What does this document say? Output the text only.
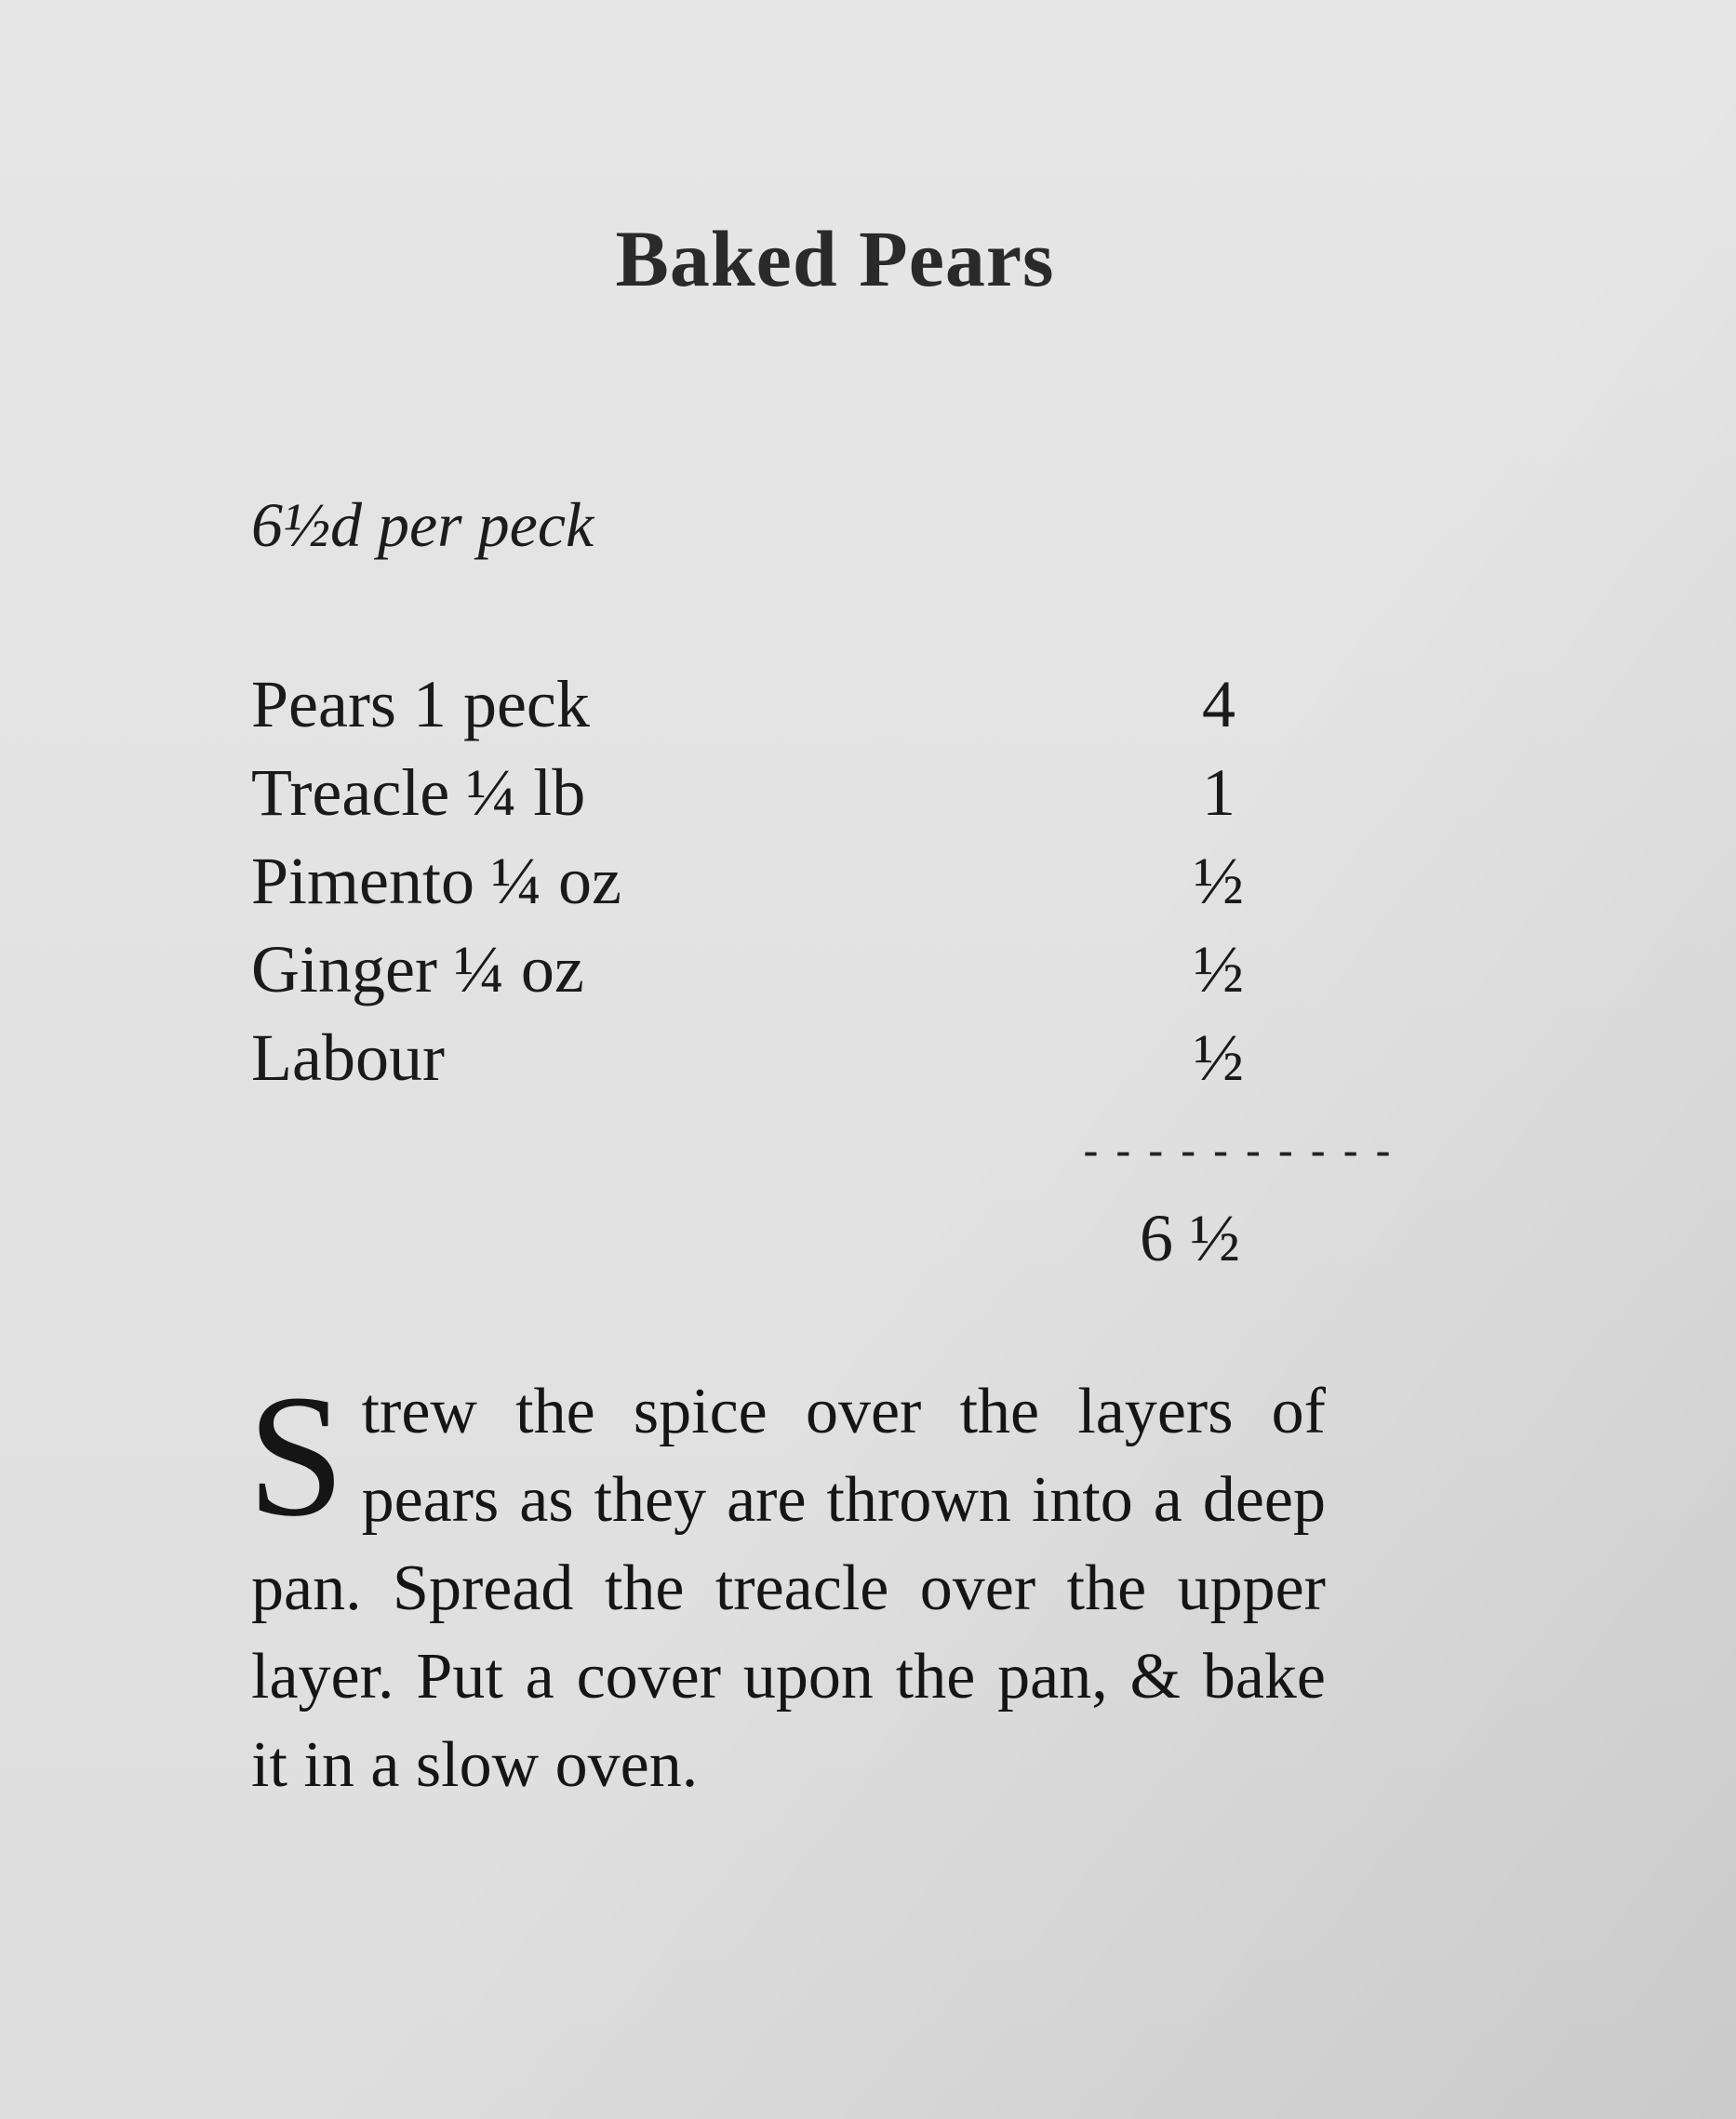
Baked Pears
6½d per peck
Pears 1 peck	4
Treacle ¼ lb	1
Pimento ¼ oz	½
Ginger ¼ oz	½
Labour	½
----------
6 ½

Strew the spice over the layers of pears as they are thrown into a deep pan. Spread the treacle over the upper layer. Put a cover upon the pan, & bake it in a slow oven.
